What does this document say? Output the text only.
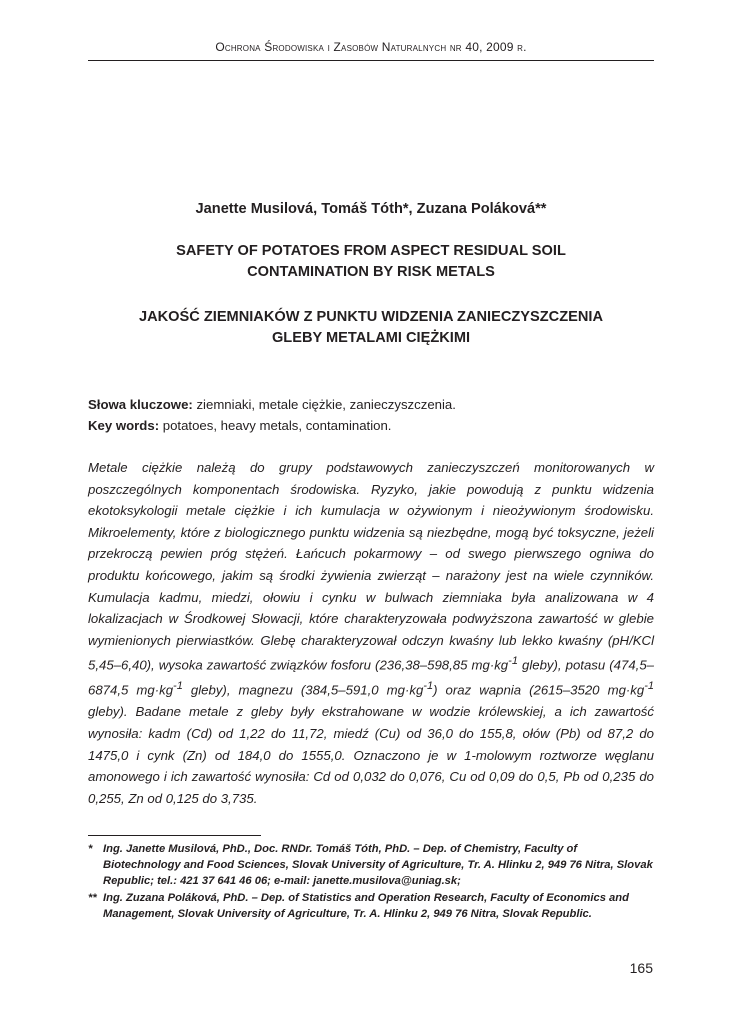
Ochrona Środowiska i Zasobów Naturalnych nr 40, 2009 r.
Janette Musilová, Tomáš Tóth*, Zuzana Poláková**
SAFETY OF POTATOES FROM ASPECT RESIDUAL SOIL
CONTAMINATION BY RISK METALS
JAKOŚĆ ZIEMNIAKÓW Z PUNKTU WIDZENIA ZANIECZYSZCZENIA
GLEBY METALAMI CIĘŻKIMI
Słowa kluczowe: ziemniaki, metale ciężkie, zanieczyszczenia.
Key words: potatoes, heavy metals, contamination.

Metale ciężkie należą do grupy podstawowych zanieczyszczeń monitorowanych w poszczególnych komponentach środowiska. Ryzyko, jakie powodują z punktu widzenia ekotoksykologii metale ciężkie i ich kumulacja w ożywionym i nieożywionym środowisku. Mikroelementy, które z biologicznego punktu widzenia są niezbędne, mogą być toksyczne, jeżeli przekroczą pewien próg stężeń. Łańcuch pokarmowy – od swego pierwszego ogniwa do produktu końcowego, jakim są środki żywienia zwierząt – narażony jest na wiele czynników. Kumulacja kadmu, miedzi, ołowiu i cynku w bulwach ziemniaka była analizowana w 4 lokalizacjach w Środkowej Słowacji, które charakteryzowała podwyższona zawartość w glebie wymienionych pierwiastków. Glebę charakteryzował odczyn kwaśny lub lekko kwaśny (pH/KCl 5,45–6,40), wysoka zawartość związków fosforu (236,38–598,85 $mg\cdot kg^{-1}$ gleby), potasu (474,5–6874,5 $mg\cdot kg^{-1}$ gleby), magnezu (384,5–591,0 $mg\cdot kg^{-1}$) oraz wapnia (2615–3520 $mg\cdot kg^{-1}$ gleby). Badane metale z gleby były ekstrahowane w wodzie królewskiej, a ich zawartość wynosiła: kadm (Cd) od 1,22 do 11,72, miedź (Cu) od 36,0 do 155,8, ołów (Pb) od 87,2 do 1475,0 i cynk (Zn) od 184,0 do 1555,0. Oznaczono je w 1-molowym roztworze węglanu amonowego i ich zawartość wynosiła: Cd od 0,032 do 0,076, Cu od 0,09 do 0,5, Pb od 0,235 do 0,255, Zn od 0,125 do 3,735.

* Ing. Janette Musilová, PhD., Doc. RNDr. Tomáš Tóth, PhD. – Dep. of Chemistry, Faculty of Biotechnology and Food Sciences, Slovak University of Agriculture, Tr. A. Hlinku 2, 949 76 Nitra, Slovak Republic; tel.: 421 37 641 46 06; e-mail: janette.musilova@uniag.sk;
** Ing. Zuzana Poláková, PhD. – Dep. of Statistics and Operation Research, Faculty of Economics and Management, Slovak University of Agriculture, Tr. A. Hlinku 2, 949 76 Nitra, Slovak Republic.
165
